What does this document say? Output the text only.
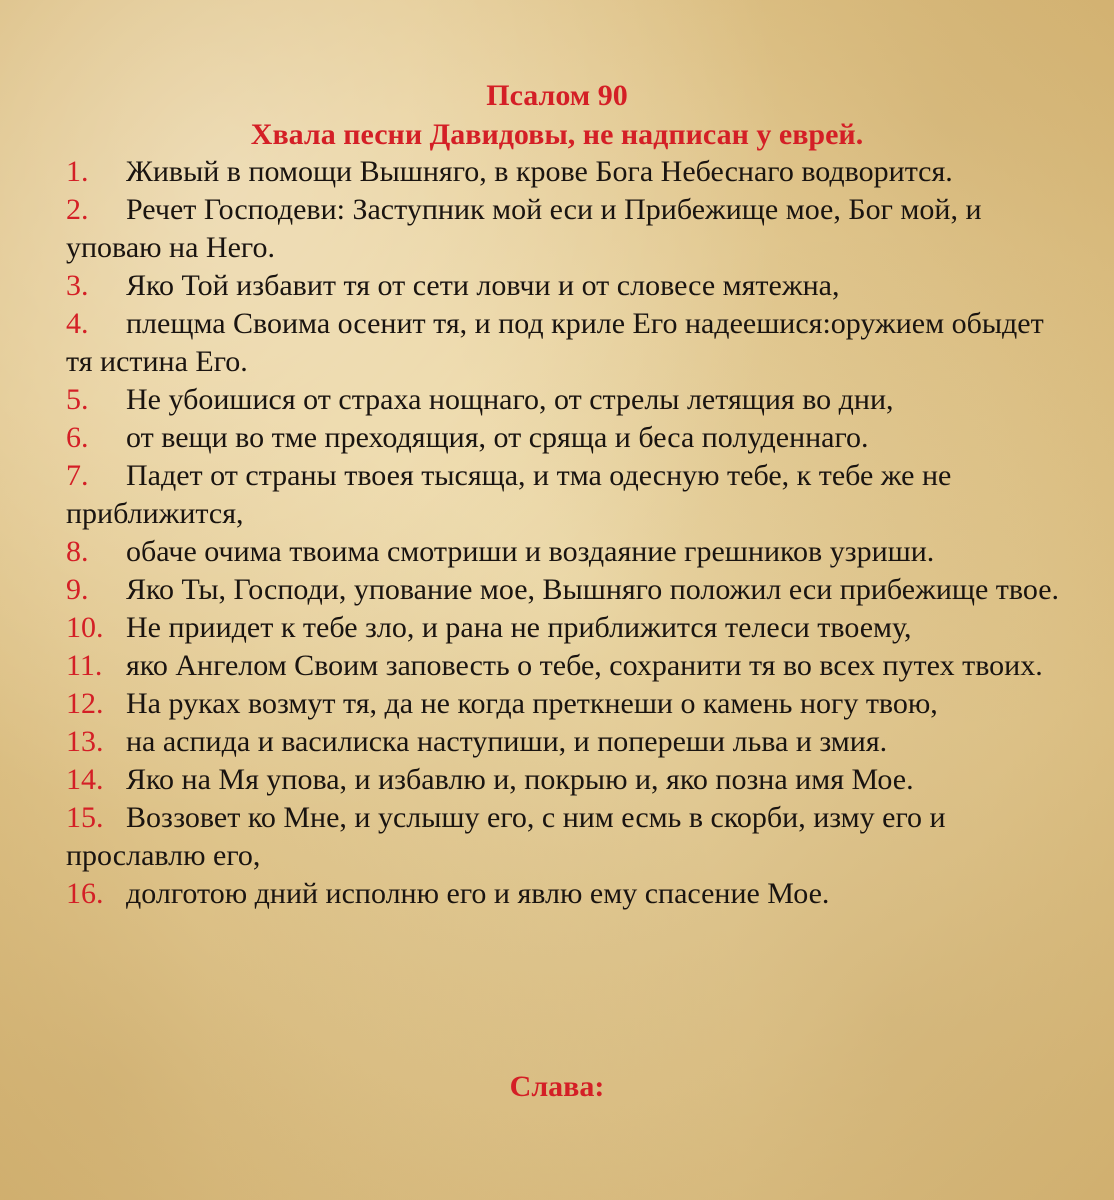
Псалом 90
Хвала песни Давидовы, не надписан у еврей.

1. Живый в помощи Вышняго, в крове Бога Небеснаго водворится.

2. Речет Господеви: Заступник мой еси и Прибежище мое, Бог мой, и уповаю на Него.

3. Яко Той избавит тя от сети ловчи и от словесе мятежна,

4. плещма Своима осенит тя, и под криле Его надеешися:оружием обыдет тя истина Его.

5. Не убоишися от страха нощнаго, от стрелы летящия во дни,

6. от вещи во тме преходящия, от сряща и беса полуденнаго.

7. Падет от страны твоея тысяща, и тма одесную тебе, к тебе же не приближится,

8. обаче очима твоима смотриши и воздаяние грешников узриши.

9. Яко Ты, Господи, упование мое, Вышняго положил еси прибежище твое.

10. Не приидет к тебе зло, и рана не приближится телеси твоему,

11. яко Ангелом Своим заповесть о тебе, сохранити тя во всех путех твоих.

12. На руках возмут тя, да не когда преткнеши о камень ногу твою,

13. на аспида и василиска наступиши, и попереши льва и змия.

14. Яко на Мя упова, и избавлю и, покрыю и, яко позна имя Мое.

15. Воззовет ко Мне, и услышу его, с ним есмь в скорби, изму его и прославлю его,

16. долготою дний исполню его и явлю ему спасение Мое.

Слава:
